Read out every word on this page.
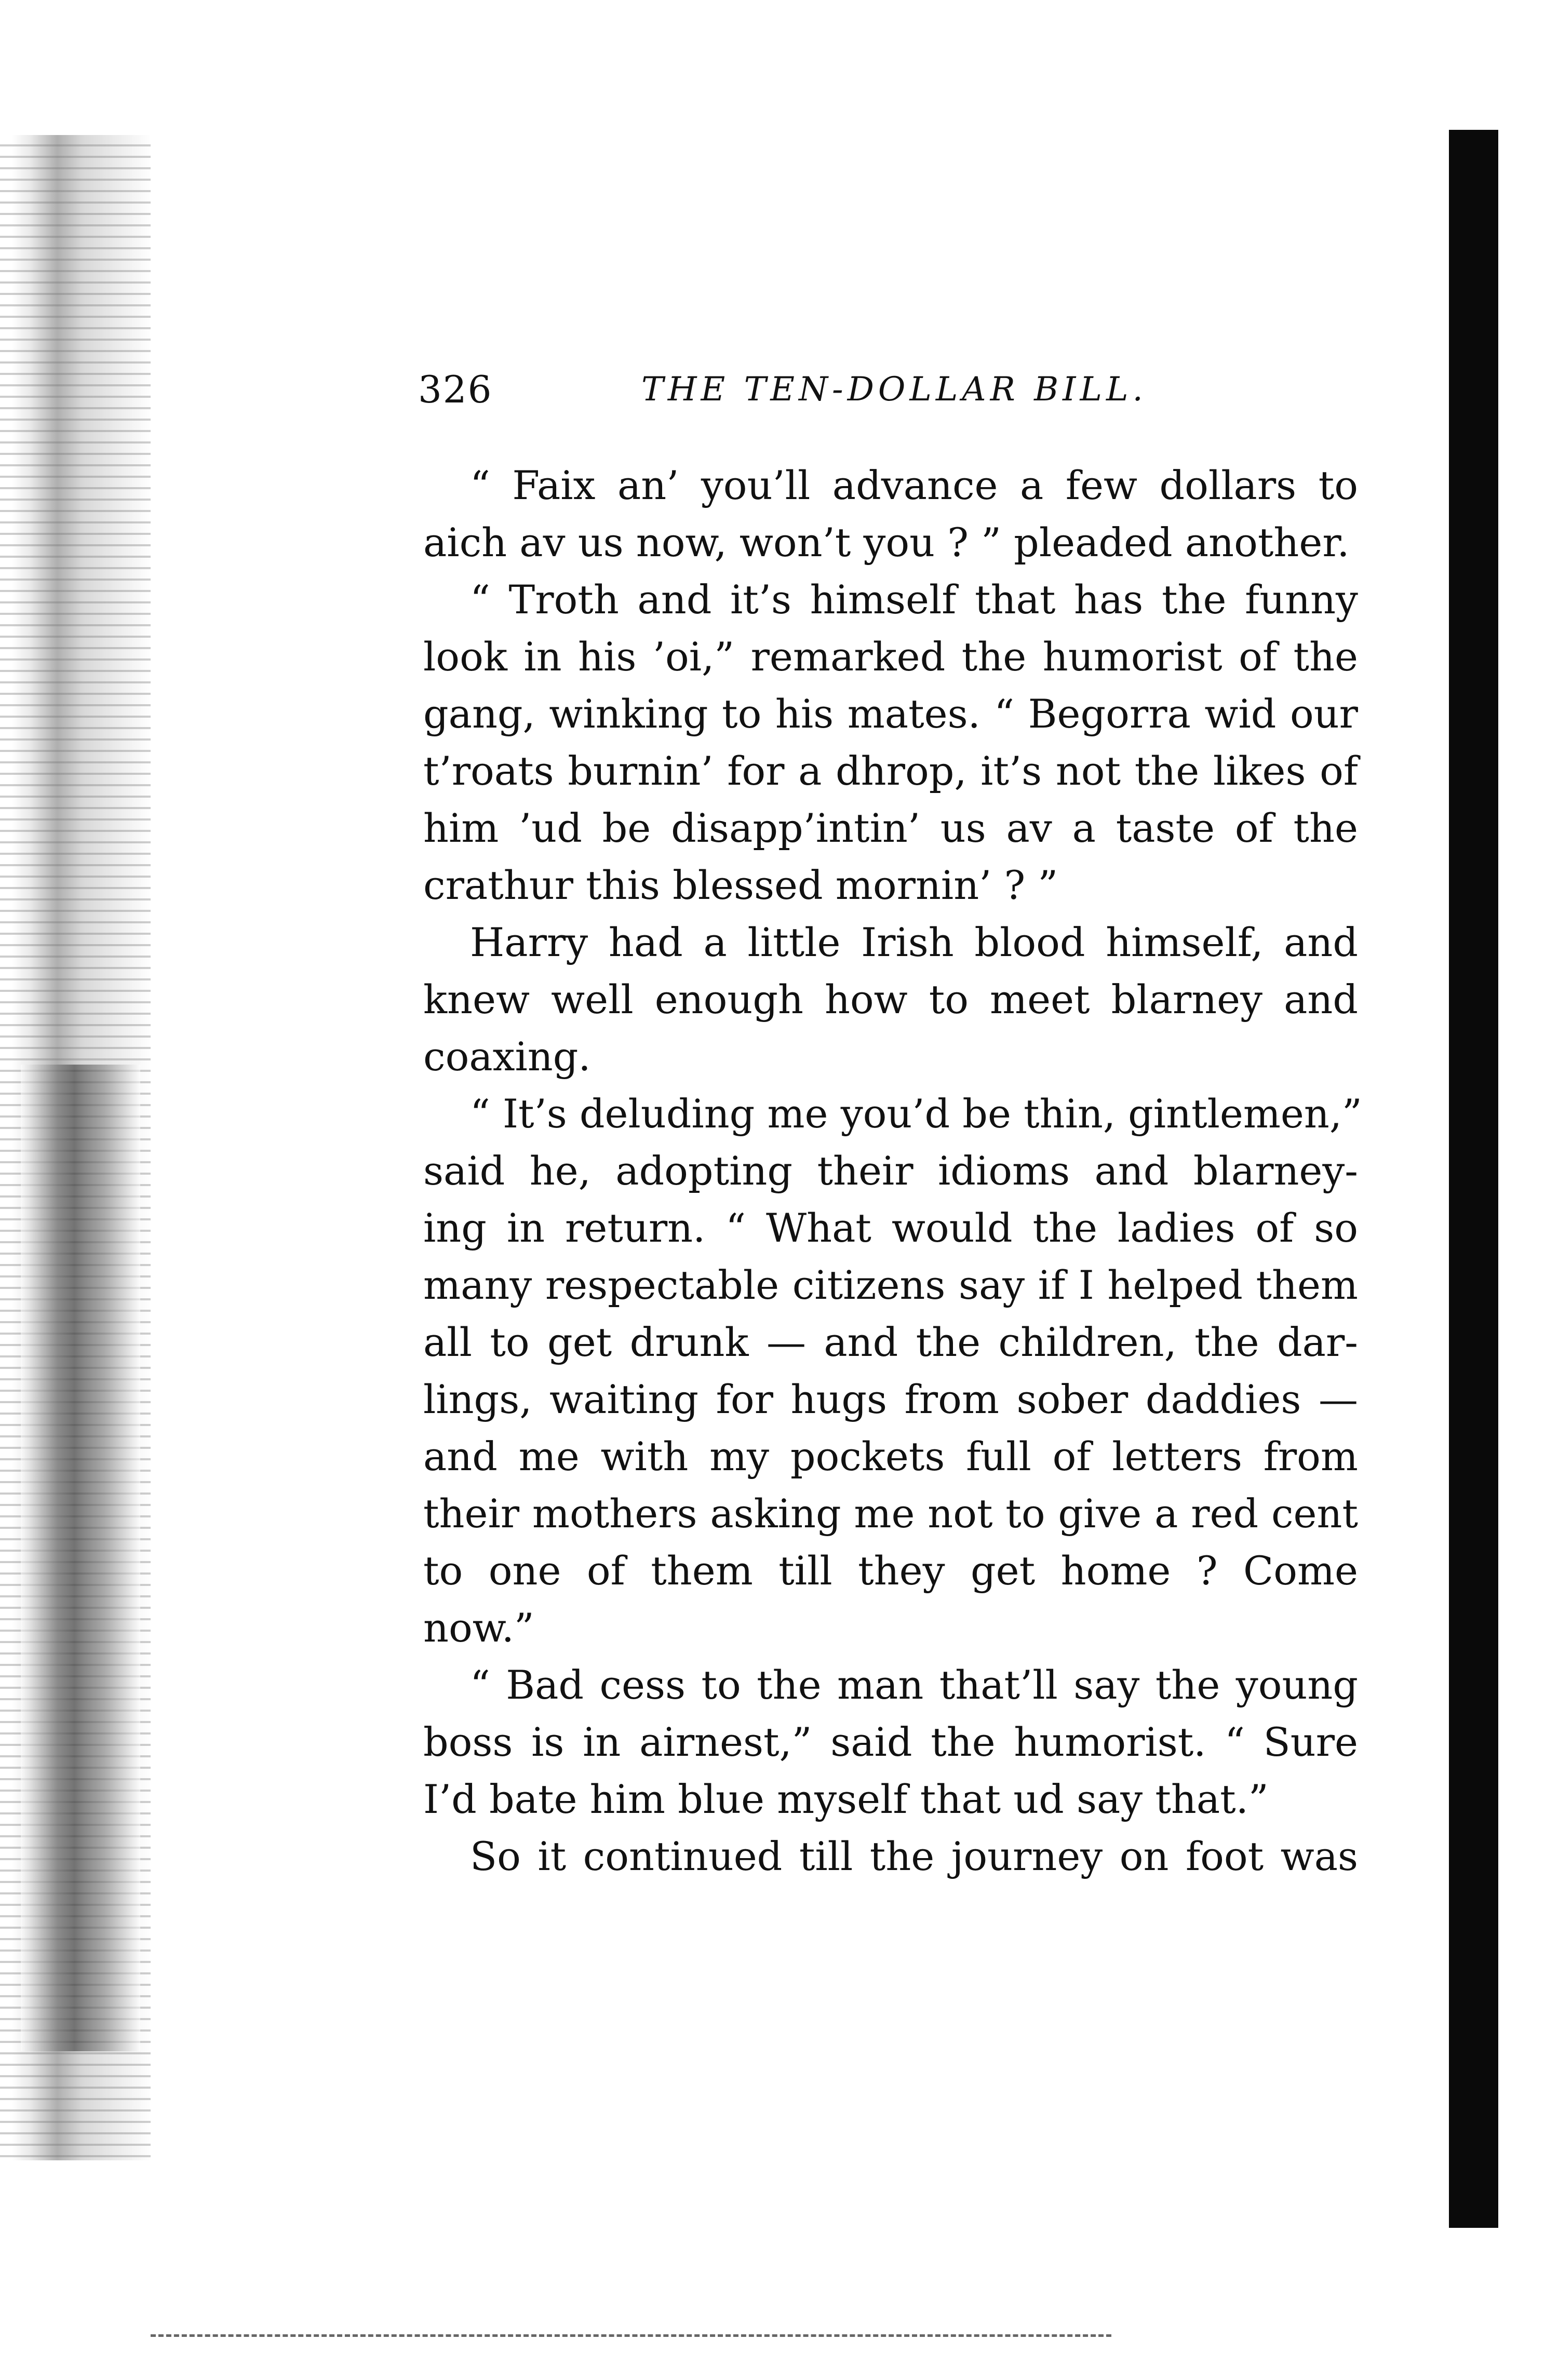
326	THE TEN-DOLLAR BILL.
“ Faix an’ you’ll advance a few dollars to
aich av us now, won’t you ? ” pleaded another.
“ Troth and it’s himself that has the funny
look in his ’oi,” remarked the humorist of the
gang, winking to his mates. “ Begorra wid our
t’roats burnin’ for a dhrop, it’s not the likes of
him ’ud be disapp’intin’ us av a taste of the
crathur this blessed mornin’ ? ”
Harry had a little Irish blood himself, and
knew well enough how to meet blarney and
coaxing.
“ It’s deluding me you’d be thin, gintlemen,”
said he, adopting their idioms and blarney-
ing in return. “ What would the ladies of so
many respectable citizens say if I helped them
all to get drunk — and the children, the dar-
lings, waiting for hugs from sober daddies —
and me with my pockets full of letters from
their mothers asking me not to give a red cent
to one of them till they get home ? Come
now.”
“ Bad cess to the man that’ll say the young
boss is in airnest,” said the humorist. “ Sure
I’d bate him blue myself that ud say that.”
So it continued till the journey on foot was
